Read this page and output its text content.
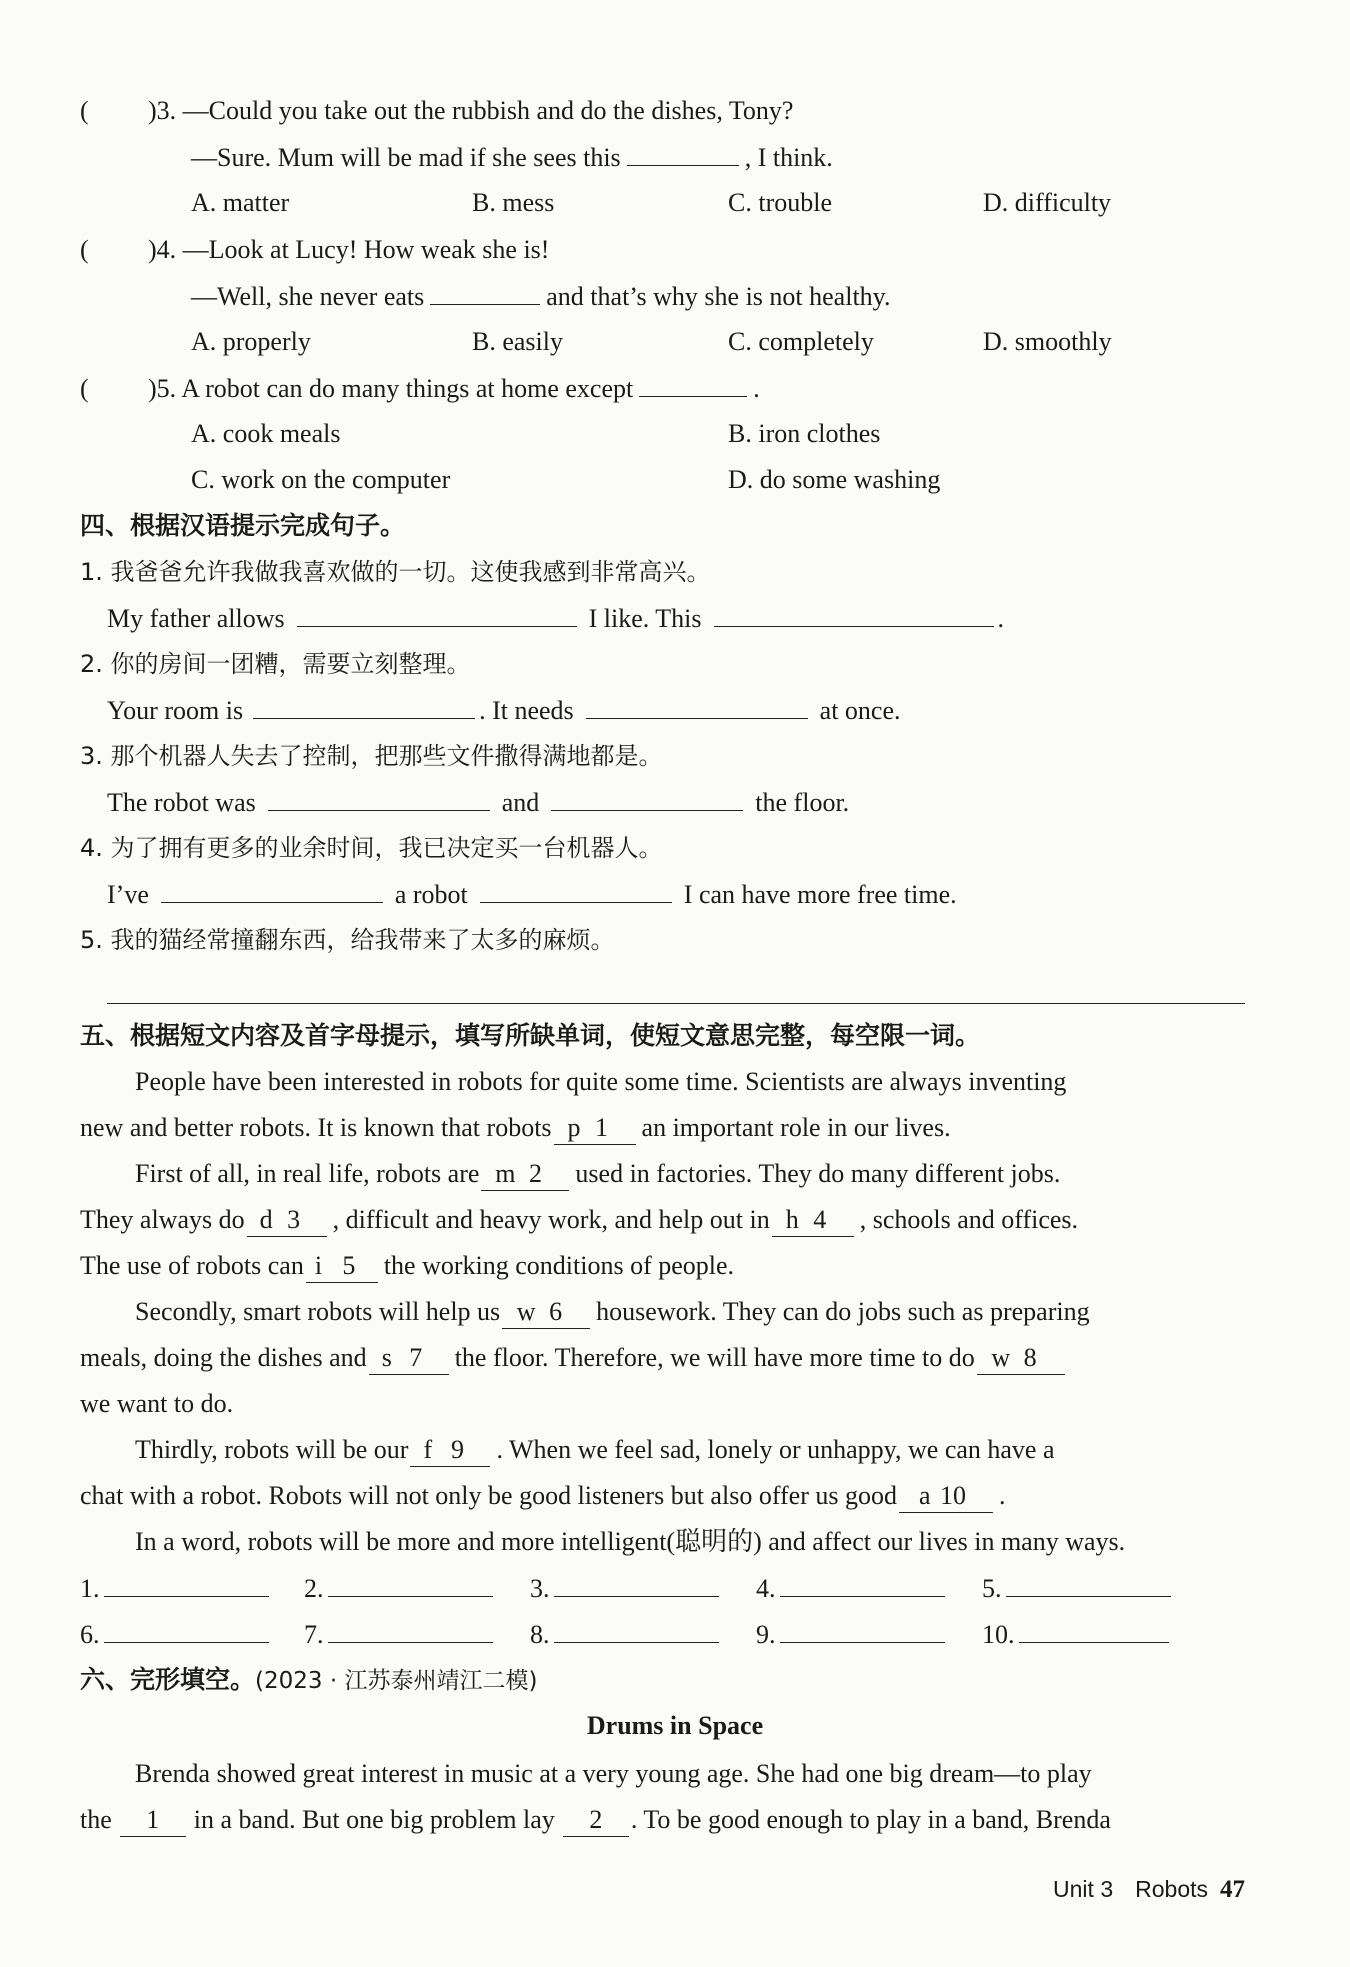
( )3. —Could you take out the rubbish and do the dishes, Tony?
—Sure. Mum will be mad if she sees this	, I think.
A. matter	B. mess	C. trouble	D. difficulty
( )4. —Look at Lucy! How weak she is!
—Well, she never eats	and that’s why she is not healthy.
A. properly	B. easily	C. completely	D. smoothly
( )5. A robot can do many things at home except	.
A. cook meals	B. iron clothes
C. work on the computer	D. do some washing
四、根据汉语提示完成句子。
1. 我爸爸允许我做我喜欢做的一切。这使我感到非常高兴。
My father allows	I like. This	.
2. 你的房间一团糟，需要立刻整理。
Your room is	. It needs	at once.
3. 那个机器人失去了控制，把那些文件撒得满地都是。
The robot was	and	the floor.
4. 为了拥有更多的业余时间，我已决定买一台机器人。
I’ve	a robot	I can have more free time.
5. 我的猫经常撞翻东西，给我带来了太多的麻烦。
五、根据短文内容及首字母提示，填写所缺单词，使短文意思完整，每空限一词。
People have been interested in robots for quite some time. Scientists are always inventing
new and better robots. It is known that robots p 1 an important role in our lives.
First of all, in real life, robots are m 2 used in factories. They do many different jobs.
They always do d 3 , difficult and heavy work, and help out in h 4 , schools and offices.
The use of robots can i 5 the working conditions of people.
Secondly, smart robots will help us w 6 housework. They can do jobs such as preparing
meals, doing the dishes and s 7 the floor. Therefore, we will have more time to do w 8
we want to do.
Thirdly, robots will be our f 9 . When we feel sad, lonely or unhappy, we can have a
chat with a robot. Robots will not only be good listeners but also offer us good a 10 .
In a word, robots will be more and more intelligent(聪明的) and affect our lives in many ways.
1.	2.	3.	4.	5.
6.	7.	8.	9.	10.
六、完形填空。(2023 · 江苏泰州靖江二模)
Drums in Space
Brenda showed great interest in music at a very young age. She had one big dream—to play
the 1 in a band. But one big problem lay 2 . To be good enough to play in a band, Brenda
Unit 3 Robots 47
